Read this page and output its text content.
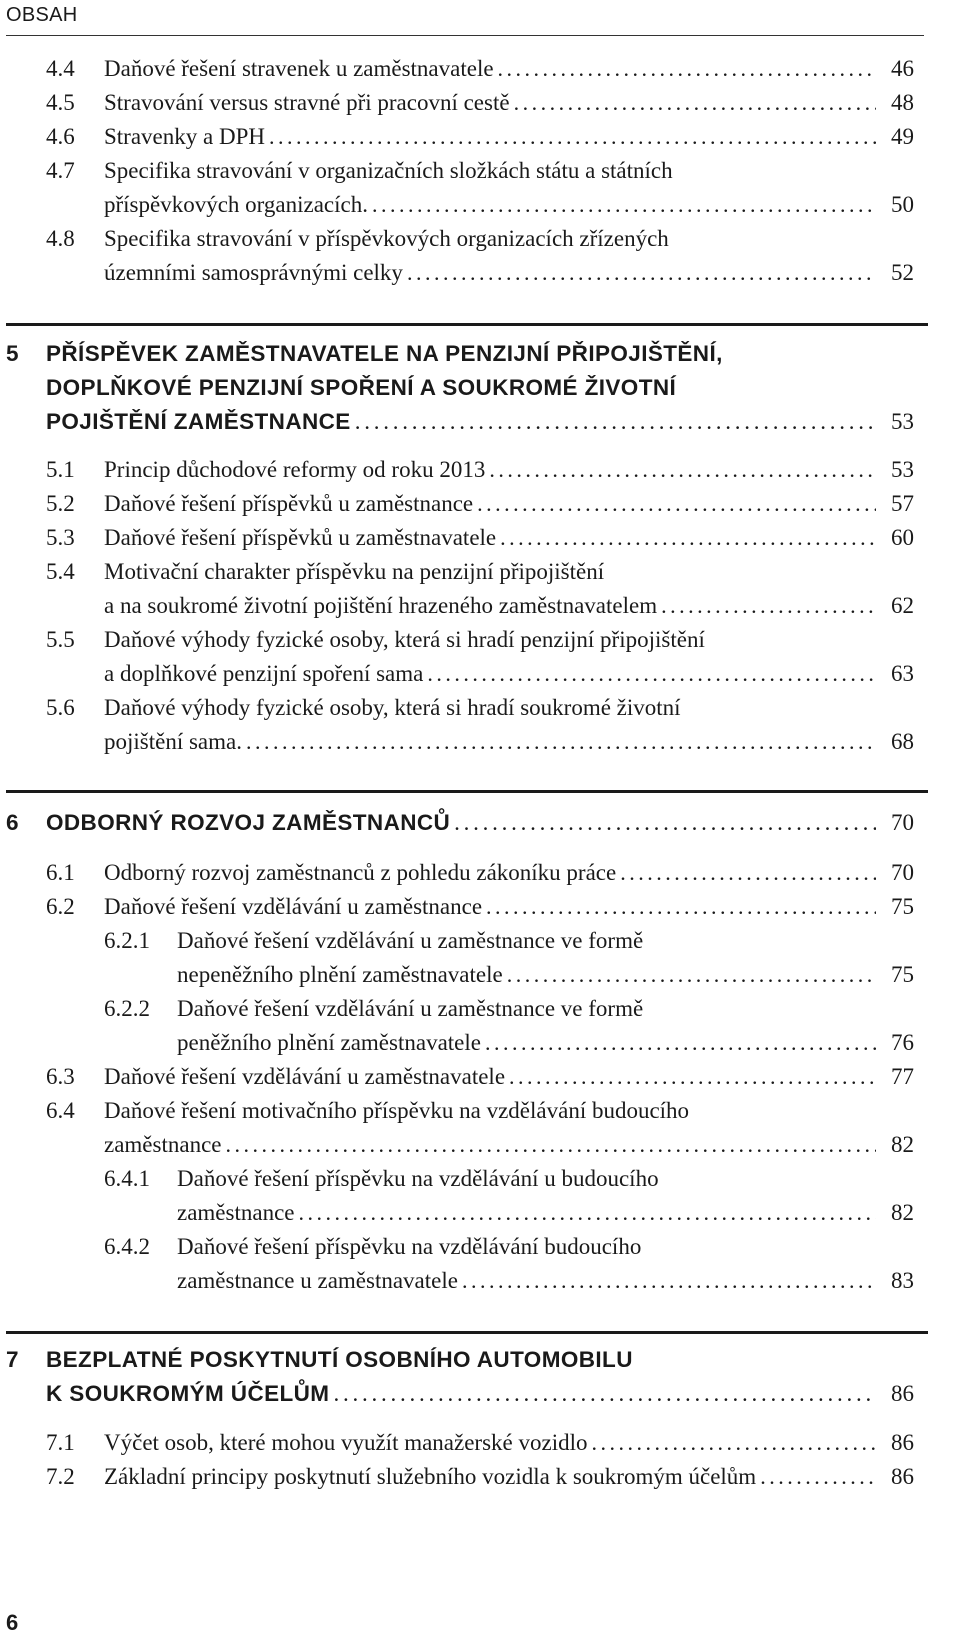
OBSAH
4.4	Daňové řešení stravenek u zaměstnavatele . . .	46
4.5	Stravování versus stravné při pracovní cestě . . .	48
4.6	Stravenky a DPH . . .	49
4.7	Specifika stravování v organizačních složkách státu a státních
příspěvkových organizacích. . . .	50
4.8	Specifika stravování v příspěvkových organizacích zřízených
územními samosprávnými celky . . .	52
5 PŘÍSPĚVEK ZAMĚSTNAVATELE NA PENZIJNÍ PŘIPOJIŠTĚNÍ,
DOPLŇKOVÉ PENZIJNÍ SPOŘENÍ A SOUKROMÉ ŽIVOTNÍ
POJIŠTĚNÍ ZAMĚSTNANCE . . .	53
5.1	Princip důchodové reformy od roku 2013 . . .	53
5.2	Daňové řešení příspěvků u zaměstnance . . .	57
5.3	Daňové řešení příspěvků u zaměstnavatele . . .	60
5.4	Motivační charakter příspěvku na penzijní připojištění
a na soukromé životní pojištění hrazeného zaměstnavatelem . . .	62
5.5	Daňové výhody fyzické osoby, která si hradí penzijní připojištění
a doplňkové penzijní spoření sama . . .	63
5.6	Daňové výhody fyzické osoby, která si hradí soukromé životní
pojištění sama. . . .	68
6	ODBORNÝ ROZVOJ ZAMĚSTNANCŮ . . .	70
6.1	Odborný rozvoj zaměstnanců z pohledu zákoníku práce . . .	70
6.2	Daňové řešení vzdělávání u zaměstnance . . .	75
6.2.1	Daňové řešení vzdělávání u zaměstnance ve formě
nepeněžního plnění zaměstnavatele . . .	75
6.2.2	Daňové řešení vzdělávání u zaměstnance ve formě
peněžního plnění zaměstnavatele . . .	76
6.3	Daňové řešení vzdělávání u zaměstnavatele . . .	77
6.4	Daňové řešení motivačního příspěvku na vzdělávání budoucího
zaměstnance . . .	82
6.4.1	Daňové řešení příspěvku na vzdělávání u budoucího
zaměstnance . . .	82
6.4.2	Daňové řešení příspěvku na vzdělávání budoucího
zaměstnance u zaměstnavatele . . .	83
7 BEZPLATNÉ POSKYTNUTÍ OSOBNÍHO AUTOMOBILU
K SOUKROMÝM ÚČELŮM . . .	86
7.1	Výčet osob, které mohou využít manažerské vozidlo . . .	86
7.2	Základní principy poskytnutí služebního vozidla k soukromým účelům . . .	86
6
